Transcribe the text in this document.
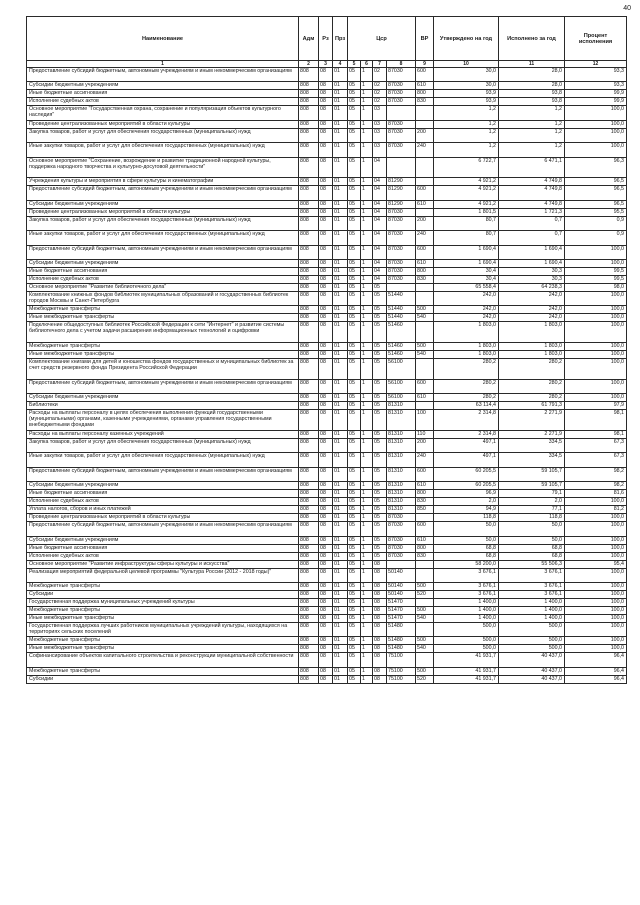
40
Наименование	Адм	Рз	Прз	Цср				ВР	Утверждено на год	Исполнено за год	Процент исполнения
1	2	3	4	5	6	7	8	9	10	11	12
Предоставление субсидий бюджетным, автономным учреждениям и иным некоммерческим организациям	808	08	01	05	1	02	87030	600	30,0	28,0	93,3
Субсидии бюджетным учреждениям	808	08	01	05	1	02	87030	610	30,0	28,0	93,3
Иные бюджетные ассигнования	808	08	01	05	1	02	87030	800	93,9	93,8	99,9
Исполнение судебных актов	808	08	01	05	1	02	87030	830	93,9	93,8	99,9
Основное мероприятие "Государственная охрана, сохранение и популяризация объектов культурного наследия"	808	08	01	05	1	03			1,2	1,2	100,0
Проведение централизованных мероприятий в области культуры	808	08	01	05	1	03	87030		1,2	1,2	100,0
Закупка товаров, работ и услуг для обеспечения государственных (муниципальных) нужд	808	08	01	05	1	03	87030	200	1,2	1,2	100,0
Иные закупки товаров, работ и услуг для обеспечения государственных (муниципальных) нужд	808	08	01	05	1	03	87030	240	1,2	1,2	100,0
Основное мероприятие "Сохранение, возрождение и развитие традиционной народной культуры, поддержка народного творчества и культурно-досуговой деятельности"	808	08	01	05	1	04			6 722,7	6 471,1	96,3
Учреждения культуры и мероприятия в сфере культуры и кинематографии	808	08	01	05	1	04	81290		4 921,2	4 749,8	96,5
Предоставление субсидий бюджетным, автономным учреждениям и иным некоммерческим организациям	808	08	01	05	1	04	81290	600	4 921,2	4 749,8	96,5
Субсидии бюджетным учреждениям	808	08	01	05	1	04	81290	610	4 921,2	4 749,8	96,5
Проведение централизованных мероприятий в области культуры	808	08	01	05	1	04	87030		1 801,5	1 721,3	95,5
Закупка товаров, работ и услуг для обеспечения государственных (муниципальных) нужд	808	08	01	05	1	04	87030	200	80,7	0,7	0,9
Иные закупки товаров, работ и услуг для обеспечения государственных (муниципальных) нужд	808	08	01	05	1	04	87030	240	80,7	0,7	0,9
Предоставление субсидий бюджетным, автономным учреждениям и иным некоммерческим организациям	808	08	01	05	1	04	87030	600	1 690,4	1 690,4	100,0
Субсидии бюджетным учреждениям	808	08	01	05	1	04	87030	610	1 690,4	1 690,4	100,0
Иные бюджетные ассигнования	808	08	01	05	1	04	87030	800	30,4	30,3	99,5
Исполнение судебных актов	808	08	01	05	1	04	87030	830	30,4	30,3	99,5
Основное мероприятие "Развитие библиотечного дела"	808	08	01	05	1	05			65 558,4	64 238,3	98,0
Комплектование книжных фондов библиотек муниципальных образований и государственных библиотек городов Москвы и Санкт-Петербурга	808	08	01	05	1	05	51440		242,0	242,0	100,0
Межбюджетные трансферты	808	08	01	05	1	05	51440	500	242,0	242,0	100,0
Иные межбюджетные трансферты	808	08	01	05	1	05	51440	540	242,0	242,0	100,0
Подключение общедоступных библиотек Российской Федерации к сети "Интернет" и развитие системы библиотечного дела с учетом задачи расширения информационных технологий и оцифровки	808	08	01	05	1	05	51460		1 803,0	1 803,0	100,0
Межбюджетные трансферты	808	08	01	05	1	05	51460	500	1 803,0	1 803,0	100,0
Иные межбюджетные трансферты	808	08	01	05	1	05	51460	540	1 803,0	1 803,0	100,0
Комплектование книгами для детей и юношества фондов государственных и муниципальных библиотек за счет средств резервного фонда Президента Российской Федерации	808	08	01	05	1	05	56100		280,2	280,2	100,0
Предоставление субсидий бюджетным, автономным учреждениям и иным некоммерческим организациям	808	08	01	05	1	05	56100	600	280,2	280,2	100,0
Субсидии бюджетным учреждениям	808	08	01	05	1	05	56100	610	280,2	280,2	100,0
Библиотеки	808	08	01	05	1	05	81310		63 114,4	61 791,3	97,9
Расходы на выплаты персоналу в целях обеспечения выполнения функций государственными (муниципальными) органами, казенными учреждениями, органами управления государственными внебюджетными фондами	808	08	01	05	1	05	81310	100	2 314,8	2 271,9	98,1
Расходы на выплаты персоналу казенных учреждений	808	08	01	05	1	05	81310	110	2 314,8	2 271,9	98,1
Закупка товаров, работ и услуг для обеспечения государственных (муниципальных) нужд	808	08	01	05	1	05	81310	200	497,1	334,5	67,3
Иные закупки товаров, работ и услуг для обеспечения государственных (муниципальных) нужд	808	08	01	05	1	05	81310	240	497,1	334,5	67,3
Предоставление субсидий бюджетным, автономным учреждениям и иным некоммерческим организациям	808	08	01	05	1	05	81310	600	60 205,5	59 105,7	98,2
Субсидии бюджетным учреждениям	808	08	01	05	1	05	81310	610	60 205,5	59 105,7	98,2
Иные бюджетные ассигнования	808	08	01	05	1	05	81310	800	96,9	79,1	81,6
Исполнение судебных актов	808	08	01	05	1	05	81310	830	2,0	2,0	100,0
Уплата налогов, сборов и иных платежей	808	08	01	05	1	05	81310	850	94,9	77,1	81,2
Проведение централизованных мероприятий в области культуры	808	08	01	05	1	05	87030		118,8	118,8	100,0
Предоставление субсидий бюджетным, автономным учреждениям и иным некоммерческим организациям	808	08	01	05	1	05	87030	600	50,0	50,0	100,0
Субсидии бюджетным учреждениям	808	08	01	05	1	05	87030	610	50,0	50,0	100,0
Иные бюджетные ассигнования	808	08	01	05	1	05	87030	800	68,8	68,8	100,0
Исполнение судебных актов	808	08	01	05	1	05	87030	830	68,8	68,8	100,0
Основное мероприятие "Развитие инфраструктуры сферы культуры и искусства"	808	08	01	05	1	08			58 200,0	55 506,3	95,4
Реализация мероприятий федеральной целевой программы "Культура России (2012 - 2018 годы)"	808	08	01	05	1	08	50140		3 676,1	3 676,1	100,0
Межбюджетные трансферты	808	08	01	05	1	08	50140	500	3 676,1	3 676,1	100,0
Субсидии	808	08	01	05	1	08	50140	520	3 676,1	3 676,1	100,0
Государственная поддержка муниципальных учреждений культуры	808	08	01	05	1	08	51470		1 400,0	1 400,0	100,0
Межбюджетные трансферты	808	08	01	05	1	08	51470	500	1 400,0	1 400,0	100,0
Иные межбюджетные трансферты	808	08	01	05	1	08	51470	540	1 400,0	1 400,0	100,0
Государственная поддержка лучших работников муниципальных учреждений культуры, находящихся на территориях сельских поселений	808	08	01	05	1	08	51480		500,0	500,0	100,0
Межбюджетные трансферты	808	08	01	05	1	08	51480	500	500,0	500,0	100,0
Иные межбюджетные трансферты	808	08	01	05	1	08	51480	540	500,0	500,0	100,0
Софинансирование объектов капитального строительства и реконструкции муниципальной собственности	808	08	01	05	1	08	75100		41 931,7	40 437,0	96,4
Межбюджетные трансферты	808	08	01	05	1	08	75100	500	41 931,7	40 437,0	96,4
Субсидии	808	08	01	05	1	08	75100	520	41 931,7	40 437,0	96,4
